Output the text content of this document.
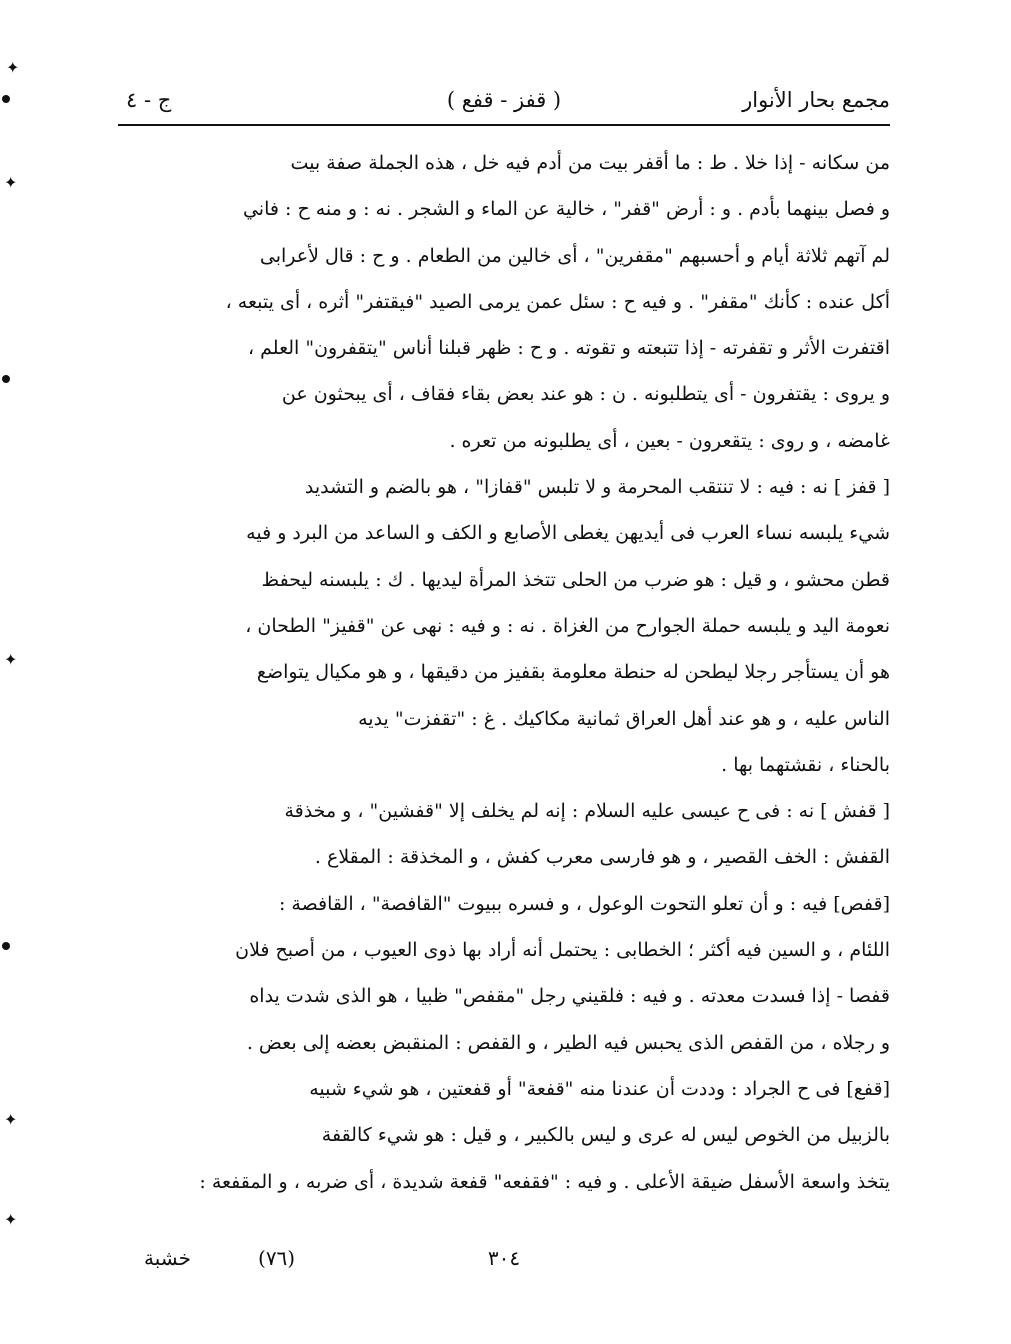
مجمع بحار الأنوار
( قفز - قفع )
ج - ٤
من سكانه - إذا خلا . ط : ما أقفر بيت من أدم فيه خل ، هذه الجملة صفة بيت
و فصل بينهما بأدم . و : أرض "قفر" ، خالية عن الماء و الشجر . نه : و منه ح : فاني
لم آتهم ثلاثة أيام و أحسبهم "مقفرين" ، أى خالين من الطعام . و ح : قال لأعرابى
أكل عنده : كأنك "مقفر" . و فيه ح : سئل عمن يرمى الصيد "فيقتفر" أثره ، أى يتبعه ،
اقتفرت الأثر و تقفرته - إذا تتبعته و تقوته . و ح : ظهر قبلنا أناس "يتقفرون" العلم ،
و يروى : يقتفرون - أى يتطلبونه . ن : هو عند بعض بقاء فقاف ، أى يبحثون عن
غامضه ، و روى : يتقعرون - بعين ، أى يطلبونه من تعره .
[ قفز ] نه : فيه : لا تنتقب المحرمة و لا تلبس "قفازا" ، هو بالضم و التشديد
شيء يلبسه نساء العرب فى أيديهن يغطى الأصابع و الكف و الساعد من البرد و فيه
قطن محشو ، و قيل : هو ضرب من الحلى تتخذ المرأة ليديها . ك : يلبسنه ليحفظ
نعومة اليد و يلبسه حملة الجوارح من الغزاة . نه : و فيه : نهى عن "قفيز" الطحان ،
هو أن يستأجر رجلا ليطحن له حنطة معلومة بقفيز من دقيقها ، و هو مكيال يتواضع
الناس عليه ، و هو عند أهل العراق ثمانية مكاكيك . غ : "تقفزت" يديه
بالحناء ، نقشتهما بها .
[ قفش ] نه : فى ح عيسى عليه السلام : إنه لم يخلف إلا "قفشين" ، و مخذقة
القفش : الخف القصير ، و هو فارسى معرب كفش ، و المخذقة : المقلاع .
[قفص] فيه : و أن تعلو التحوت الوعول ، و فسره ببيوت "القافصة" ، القافصة :
اللئام ، و السين فيه أكثر ؛ الخطابى : يحتمل أنه أراد بها ذوى العيوب ، من أصبح فلان
قفصا - إذا فسدت معدته . و فيه : فلقيني رجل "مقفص" ظبيا ، هو الذى شدت يداه
و رجلاه ، من القفص الذى يحبس فيه الطير ، و القفص : المنقبض بعضه إلى بعض .
[قفع] فى ح الجراد : وددت أن عندنا منه "قفعة" أو قفعتين ، هو شيء شبيه
بالزبيل من الخوص ليس له عرى و ليس بالكبير ، و قيل : هو شيء كالقفة
يتخذ واسعة الأسفل ضيقة الأعلى . و فيه : "فقفعه" قفعة شديدة ، أى ضربه ، و المقفعة :
٣٠٤
(٧٦)
خشبة
✦
✦
✦
✦
✦
